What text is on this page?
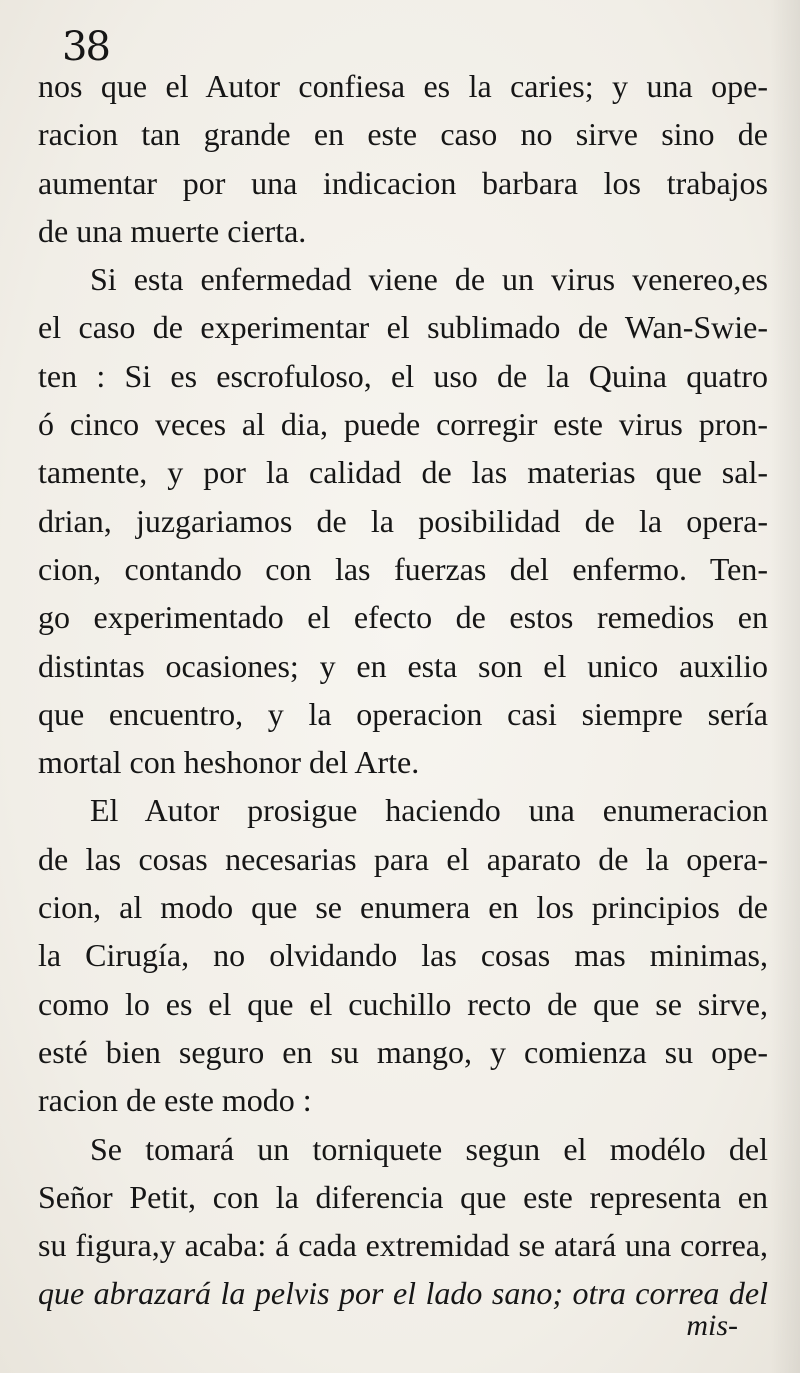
38
nos que el Autor confiesa es la caries; y una ope-
racion tan grande en este caso no sirve sino de
aumentar por una indicacion barbara los trabajos
de una muerte cierta.
Si esta enfermedad viene de un virus venereo,es
el caso de experimentar el sublimado de Wan-Swie-
ten : Si es escrofuloso, el uso de la Quina quatro
ó cinco veces al dia, puede corregir este virus pron-
tamente, y por la calidad de las materias que sal-
drian, juzgariamos de la posibilidad de la opera-
cion, contando con las fuerzas del enfermo. Ten-
go experimentado el efecto de estos remedios en
distintas ocasiones; y en esta son el unico auxilio
que encuentro, y la operacion casi siempre sería
mortal con heshonor del Arte.
El Autor prosigue haciendo una enumeracion
de las cosas necesarias para el aparato de la opera-
cion, al modo que se enumera en los principios de
la Cirugía, no olvidando las cosas mas minimas,
como lo es el que el cuchillo recto de que se sirve,
esté bien seguro en su mango, y comienza su ope-
racion de este modo :
Se tomará un torniquete segun el modélo del
Señor Petit, con la diferencia que este representa en
su figura,y acaba: á cada extremidad se atará una correa,
que abrazará la pelvis por el lado sano; otra correa del
mis-
